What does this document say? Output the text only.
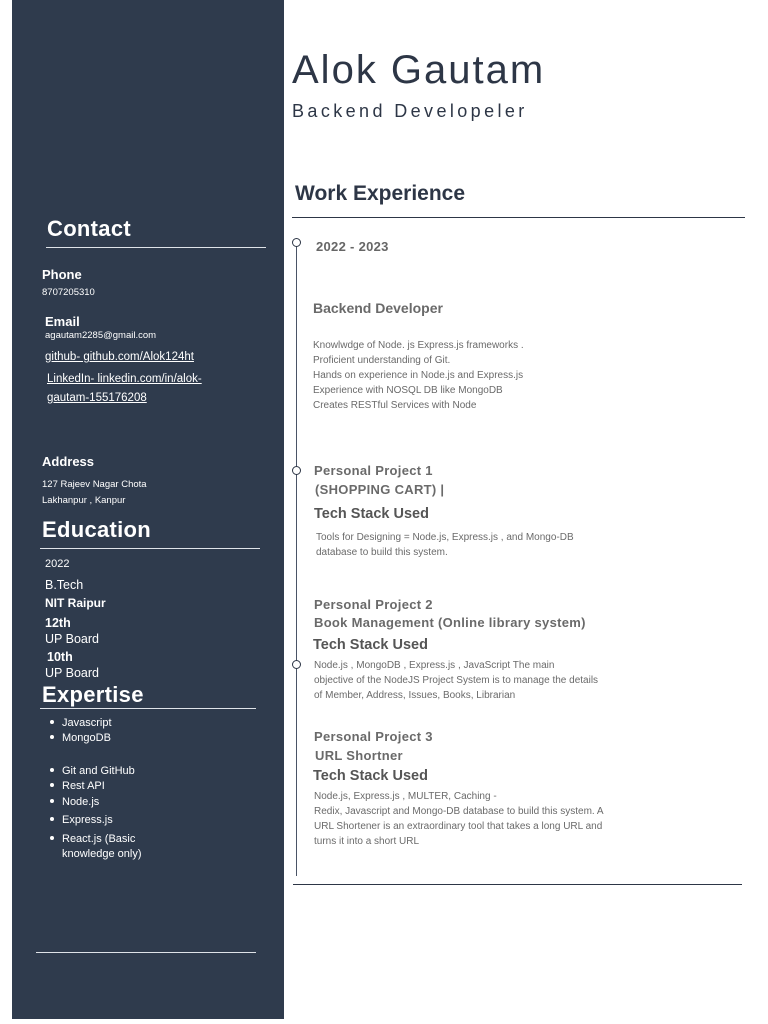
Contact
Phone
8707205310
Email
agautam2285@gmail.com
github- github.com/Alok124ht
LinkedIn- linkedin.com/in/alok-
gautam-155176208
Address
127 Rajeev Nagar Chota
Lakhanpur , Kanpur
Education
2022
B.Tech
NIT Raipur
12th
UP Board
10th
UP Board
Expertise
Javascript
MongoDB
Git and GitHub
Rest API
Node.js
Express.js
React.js (Basic
knowledge only)
Alok Gautam
Backend Developeler
Work Experience
2022 - 2023
Backend Developer
Knowlwdge of Node. js Express.js frameworks .
Proficient understanding of Git.
Hands on experience in Node.js and Express.js
Experience with NOSQL DB like MongoDB
Creates RESTful Services with Node
Personal Project 1
(SHOPPING CART) |
Tech Stack Used
Tools for Designing = Node.js, Express.js , and Mongo-DB
database to build this system.
Personal Project 2
Book Management (Online library system)
Tech Stack Used
Node.js , MongoDB , Express.js , JavaScript The main
objective of the NodeJS Project System is to manage the details
of Member, Address, Issues, Books, Librarian
Personal Project 3
URL Shortner
Tech Stack Used
Node.js, Express.js , MULTER, Caching -
Redix, Javascript and Mongo-DB database to build this system. A
URL Shortener is an extraordinary tool that takes a long URL and
turns it into a short URL
